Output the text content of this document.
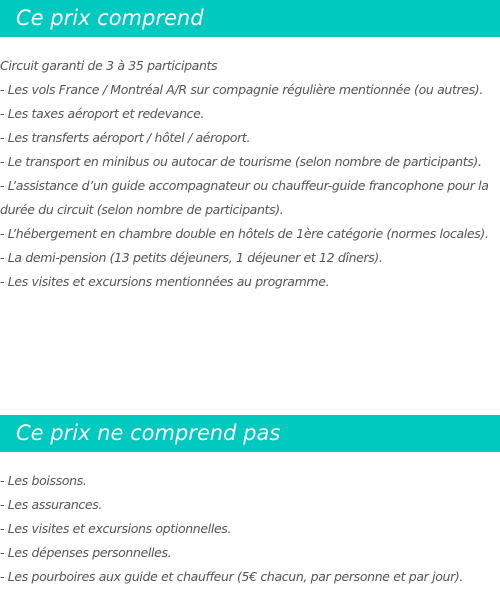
Ce prix comprend
Circuit garanti de 3 à 35 participants
- Les vols France / Montréal A/R sur compagnie régulière mentionnée (ou autres).
- Les taxes aéroport et redevance.
- Les transferts aéroport / hôtel / aéroport.
- Le transport en minibus ou autocar de tourisme (selon nombre de participants).
- L’assistance d’un guide accompagnateur ou chauffeur-guide francophone pour la durée du circuit (selon nombre de participants).
- L’hébergement en chambre double en hôtels de 1ère catégorie (normes locales).
- La demi-pension (13 petits déjeuners, 1 déjeuner et 12 dîners).
- Les visites et excursions mentionnées au programme.
Ce prix ne comprend pas
- Les boissons.
- Les assurances.
- Les visites et excursions optionnelles.
- Les dépenses personnelles.
- Les pourboires aux guide et chauffeur (5€ chacun, par personne et par jour).
